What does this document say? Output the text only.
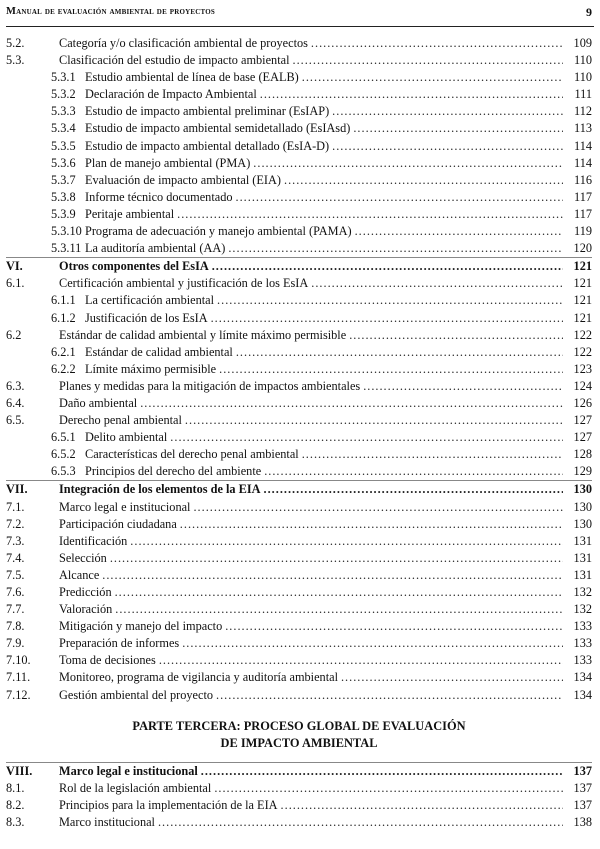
Manual de evaluación ambiental de proyectos	9
5.2.	Categoría y/o clasificación ambiental de proyectos .....	109
5.3.	Clasificación del estudio de impacto ambiental .....	110
5.3.1 Estudio ambiental de línea de base (EALB) .....	110
5.3.2 Declaración de Impacto Ambiental .....	111
5.3.3 Estudio de impacto ambiental preliminar (EsIAP) .....	112
5.3.4 Estudio de impacto ambiental semidetallado (EsIAsd) .....	113
5.3.5 Estudio de impacto ambiental detallado (EsIA-D) .....	114
5.3.6 Plan de manejo ambiental (PMA) .....	114
5.3.7 Evaluación de impacto ambiental (EIA) .....	116
5.3.8 Informe técnico documentado .....	117
5.3.9 Peritaje ambiental .....	117
5.3.10 Programa de adecuación y manejo ambiental (PAMA) .....	119
5.3.11 La auditoría ambiental (AA) .....	120
VI.	Otros componentes del EsIA .....	121
6.1.	Certificación ambiental y justificación de los EsIA .....	121
6.1.1 La certificación ambiental .....	121
6.1.2 Justificación de los EsIA .....	121
6.2	Estándar de calidad ambiental y límite máximo permisible .....	122
6.2.1 Estándar de calidad ambiental .....	122
6.2.2 Límite máximo permisible .....	123
6.3.	Planes y medidas para la mitigación de impactos ambientales .....	124
6.4.	Daño ambiental .....	126
6.5.	Derecho penal ambiental .....	127
6.5.1 Delito ambiental .....	127
6.5.2 Características del derecho penal ambiental .....	128
6.5.3 Principios del derecho del ambiente .....	129
VII.	Integración de los elementos de la EIA .....	130
7.1.	Marco legal e institucional .....	130
7.2.	Participación ciudadana .....	130
7.3.	Identificación .....	131
7.4.	Selección .....	131
7.5.	Alcance .....	131
7.6.	Predicción .....	132
7.7.	Valoración .....	132
7.8.	Mitigación y manejo del impacto .....	133
7.9.	Preparación de informes .....	133
7.10.	Toma de decisiones .....	133
7.11.	Monitoreo, programa de vigilancia y auditoría ambiental .....	134
7.12.	Gestión ambiental del proyecto .....	134
PARTE TERCERA: PROCESO GLOBAL DE EVALUACIÓN
DE IMPACTO AMBIENTAL
VIII.	Marco legal e institucional .....	137
8.1.	Rol de la legislación ambiental .....	137
8.2.	Principios para la implementación de la EIA .....	137
8.3.	Marco institucional .....	138
